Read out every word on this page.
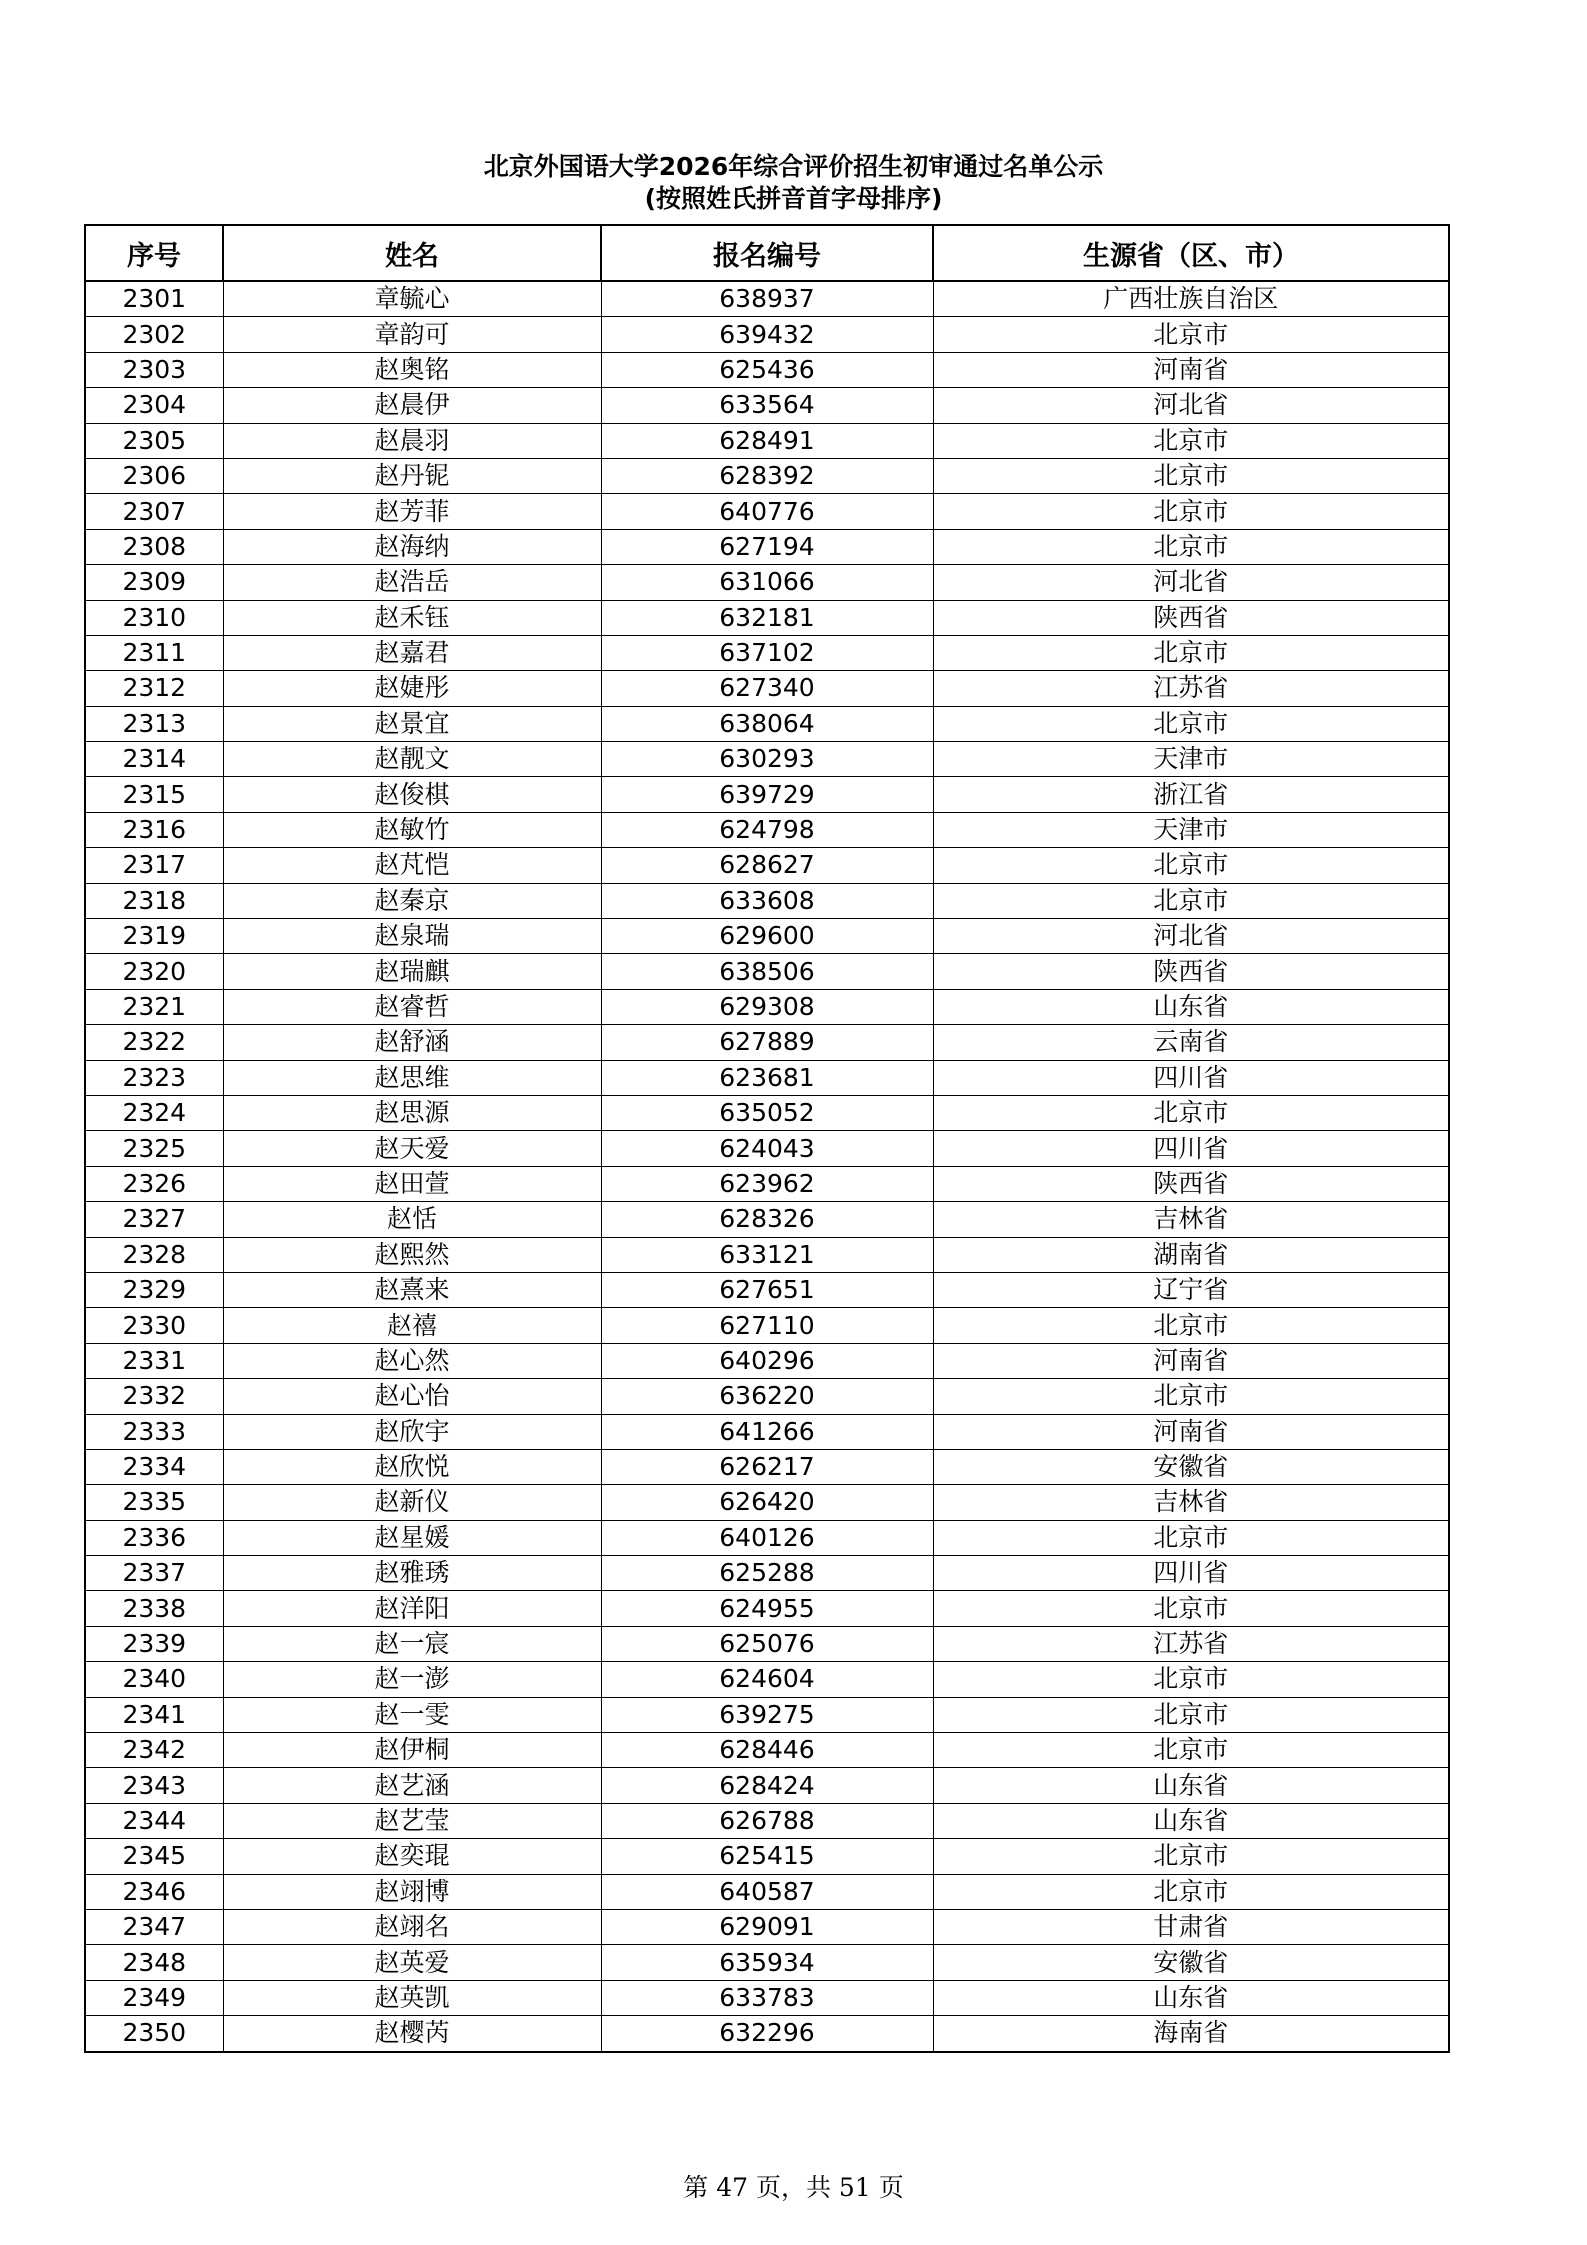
北京外国语大学2026年综合评价招生初审通过名单公示
(按照姓氏拼音首字母排序)
序号	姓名	报名编号	生源省（区、市）
2301	章毓心	638937	广西壮族自治区
2302	章韵可	639432	北京市
2303	赵奥铭	625436	河南省
2304	赵晨伊	633564	河北省
2305	赵晨羽	628491	北京市
2306	赵丹铌	628392	北京市
2307	赵芳菲	640776	北京市
2308	赵海纳	627194	北京市
2309	赵浩岳	631066	河北省
2310	赵禾钰	632181	陕西省
2311	赵嘉君	637102	北京市
2312	赵婕彤	627340	江苏省
2313	赵景宜	638064	北京市
2314	赵靓文	630293	天津市
2315	赵俊棋	639729	浙江省
2316	赵敏竹	624798	天津市
2317	赵芃恺	628627	北京市
2318	赵秦京	633608	北京市
2319	赵泉瑞	629600	河北省
2320	赵瑞麒	638506	陕西省
2321	赵睿哲	629308	山东省
2322	赵舒涵	627889	云南省
2323	赵思维	623681	四川省
2324	赵思源	635052	北京市
2325	赵天爱	624043	四川省
2326	赵田萱	623962	陕西省
2327	赵恬	628326	吉林省
2328	赵熙然	633121	湖南省
2329	赵熹来	627651	辽宁省
2330	赵禧	627110	北京市
2331	赵心然	640296	河南省
2332	赵心怡	636220	北京市
2333	赵欣宇	641266	河南省
2334	赵欣悦	626217	安徽省
2335	赵新仪	626420	吉林省
2336	赵星媛	640126	北京市
2337	赵雅琇	625288	四川省
2338	赵洋阳	624955	北京市
2339	赵一宸	625076	江苏省
2340	赵一澎	624604	北京市
2341	赵一雯	639275	北京市
2342	赵伊桐	628446	北京市
2343	赵艺涵	628424	山东省
2344	赵艺莹	626788	山东省
2345	赵奕琨	625415	北京市
2346	赵翊博	640587	北京市
2347	赵翊名	629091	甘肃省
2348	赵英爱	635934	安徽省
2349	赵英凯	633783	山东省
2350	赵樱芮	632296	海南省
第 47 页，共 51 页
